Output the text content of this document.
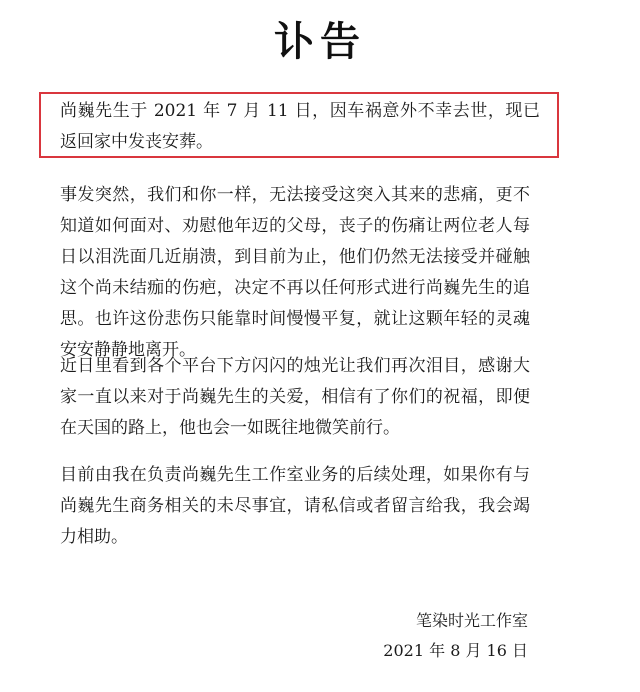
讣告

尚巍先生于 2021 年 7 月 11 日，因车祸意外不幸去世，现已返回家中发丧安葬。

事发突然，我们和你一样，无法接受这突入其来的悲痛，更不知道如何面对、劝慰他年迈的父母，丧子的伤痛让两位老人每日以泪洗面几近崩溃，到目前为止，他们仍然无法接受并碰触这个尚未结痂的伤疤，决定不再以任何形式进行尚巍先生的追思。也许这份悲伤只能靠时间慢慢平复，就让这颗年轻的灵魂安安静静地离开。

近日里看到各个平台下方闪闪的烛光让我们再次泪目，感谢大家一直以来对于尚巍先生的关爱，相信有了你们的祝福，即便在天国的路上，他也会一如既往地微笑前行。

目前由我在负责尚巍先生工作室业务的后续处理，如果你有与尚巍先生商务相关的未尽事宜，请私信或者留言给我，我会竭力相助。

笔染时光工作室
2021 年 8 月 16 日
